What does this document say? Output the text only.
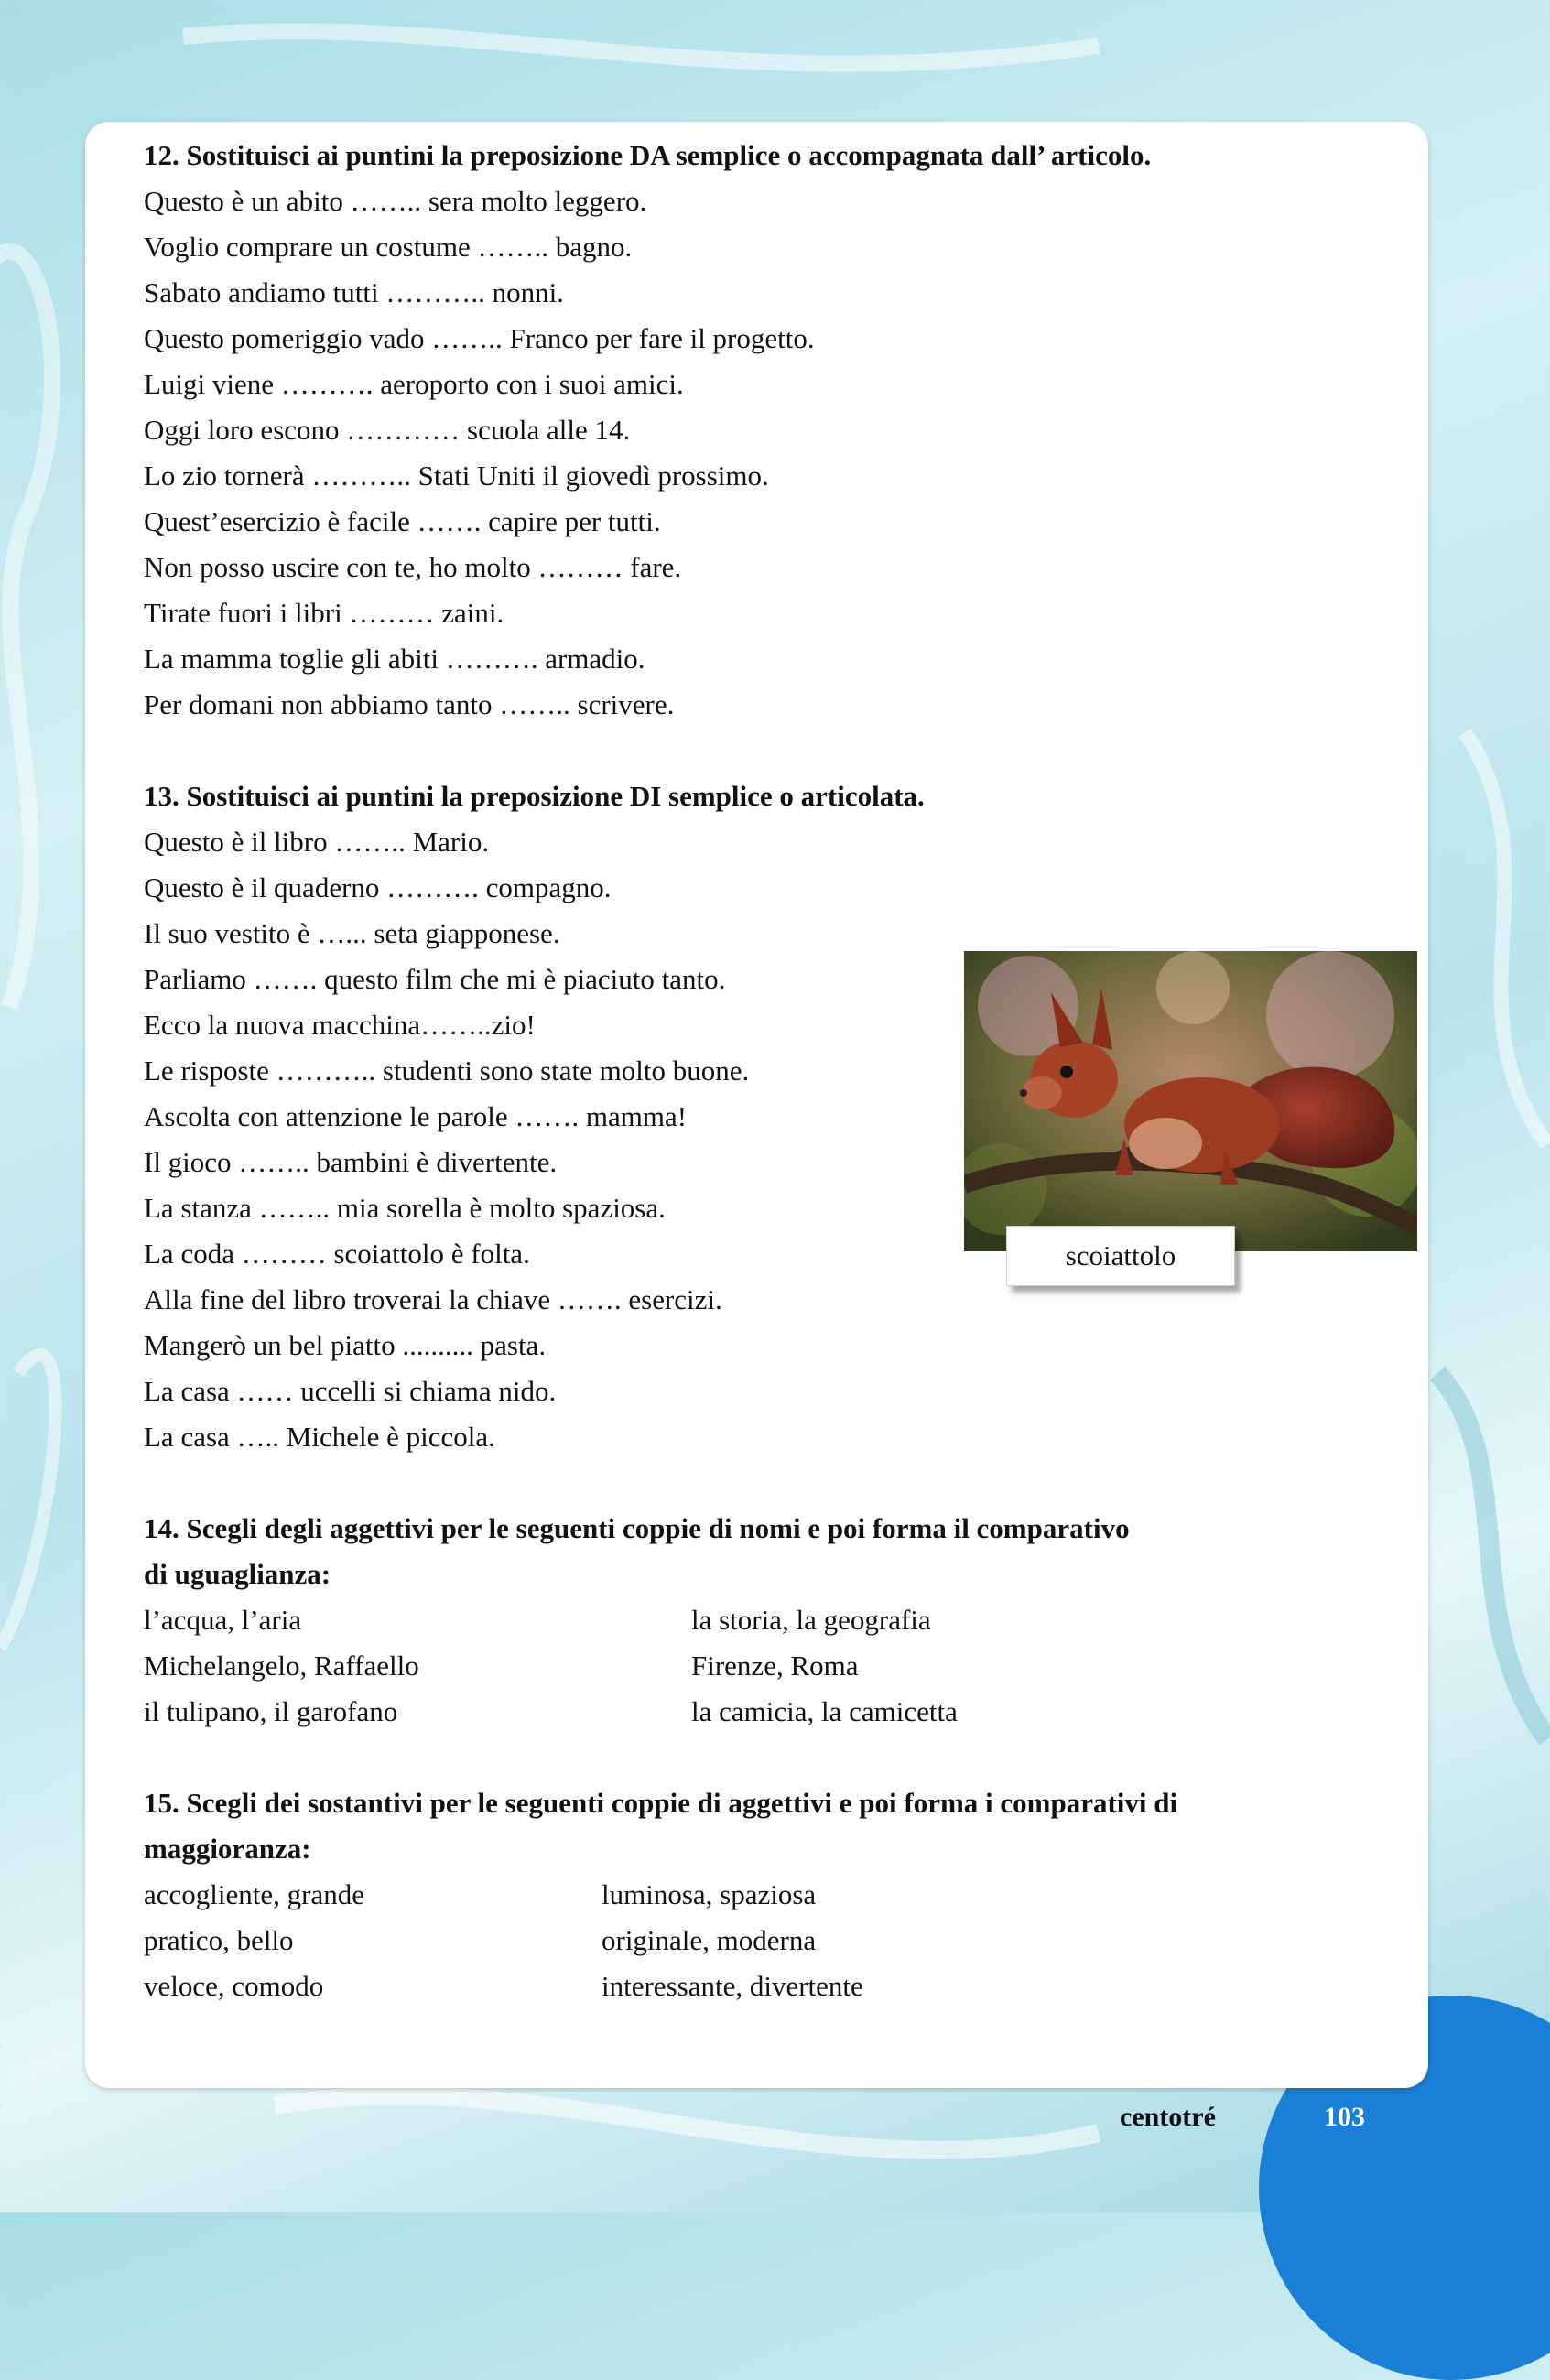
12. Sostituisci ai puntini la preposizione DA semplice o accompagnata dall’ articolo.
Questo è un abito …….. sera molto leggero.
Voglio comprare un costume …….. bagno.
Sabato andiamo tutti ……….. nonni.
Questo pomeriggio vado …….. Franco per fare il progetto.
Luigi viene ………. aeroporto con i suoi amici.
Oggi loro escono ………… scuola alle 14.
Lo zio tornerà ……….. Stati Uniti il giovedì prossimo.
Quest’esercizio è facile ……. capire per tutti.
Non posso uscire con te, ho molto ……… fare.
Tirate fuori i libri ……… zaini.
La mamma toglie gli abiti ………. armadio.
Per domani non abbiamo tanto …….. scrivere.
13. Sostituisci ai puntini la preposizione DI semplice o articolata.
Questo è il libro …….. Mario.
Questo è il quaderno ………. compagno.
Il suo vestito è …... seta giapponese.
Parliamo ……. questo film che mi è piaciuto tanto.
Ecco la nuova macchina……..zio!
Le risposte ……….. studenti sono state molto buone.
Ascolta con attenzione le parole ……. mamma!
Il gioco …….. bambini è divertente.
La stanza …….. mia sorella è molto spaziosa.
La coda ……… scoiattolo è folta.
Alla fine del libro troverai la chiave ……. esercizi.
Mangerò un bel piatto .......... pasta.
La casa …… uccelli si chiama nido.
La casa ….. Michele è piccola.
14. Scegli degli aggettivi per le seguenti coppie di nomi e poi forma il comparativo
di uguaglianza:
l’acqua, l’aria
Michelangelo, Raffaello
il tulipano, il garofano
la storia, la geografia
Firenze, Roma
la camicia, la camicetta
15. Scegli dei sostantivi per le seguenti coppie di aggettivi e poi forma i comparativi di
maggioranza:
accogliente, grande
pratico, bello
veloce, comodo
luminosa, spaziosa
originale, moderna
interessante, divertente
scoiattolo
centotré	103
